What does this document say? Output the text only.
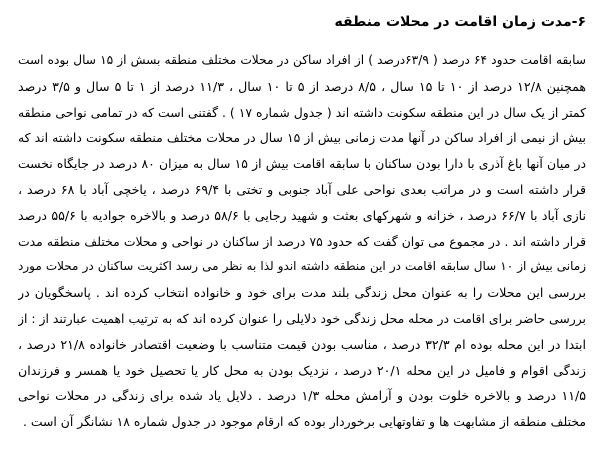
۶-مدت زمان اقامت در محلات منطقه
سابقه اقامت حدود ۶۴ درصد ( ۶۳/۹درصد ) از افراد ساکن در محلات مختلف منطقه بسش از ۱۵ سال بوده است
همچنین ۱۲/۸ درصد از ۱۰ تا ۱۵ سال ، ۸/۵ درصد از ۵ تا ۱۰ سال ، ۱۱/۳ درصد از ۱ تا ۵ سال و ۳/۵ درصد
کمتر از یک سال در این منطقه سکونت داشته اند ( جدول شماره ۱۷ ) . گفتنی است که در تمامی نواحی منطقه
بیش از نیمی از افراد ساکن در آنها مدت زمانی بیش از ۱۵ سال در محلات مختلف منطقه سکونت داشته اند که
در میان آنها باغ آذری با دارا بودن ساکنان با سابقه اقامت بیش از ۱۵ سال به میزان ۸۰ درصد در جایگاه نخست
قرار داشته است و در مراتب بعدی نواحی علی آباد جنوبی و تختی با ۶۹/۴ درصد ، یاخچی آباد با ۶۸ درصد ،
نازی آباد با ۶۶/۷ درصد ، خزانه و شهرکهای بعثت و شهید رجایی با ۵۸/۶ درصد و بالاخره جوادیه با ۵۵/۶ درصد
قرار داشته اند . در مجموع می توان گفت که حدود ۷۵ درصد از ساکنان در نواحی و محلات مختلف منطقه مدت
زمانی بیش از ۱۰ سال سابقه اقامت در این منطقه داشته اندو لذا به نظر می رسد اکثریت ساکنان در محلات مورد
بررسی این محلات را به عنوان محل زندگی بلند مدت برای خود و خانواده انتخاب کرده اند . پاسخگویان در
بررسی حاضر برای اقامت در محله محل زندگی خود دلایلی را عنوان کرده اند که به ترتیب اهمیت عبارتند از : از
ابتدا در این محله بوده ام ۳۲/۳ درصد ، مناسب بودن قیمت متناسب با وضعیت اقتصادر خانواده ۲۱/۸ درصد ،
زندگی اقوام و فامیل در این محله ۲۰/۱ درصد ، نزدیک بودن به محل کار یا تحصیل خود یا همسر و فرزندان
۱۱/۵ درصد و بالاخره خلوت بودن و آرامش محله ۱/۳ درصد . دلایل یاد شده برای زندگی در محلات نواحی
مختلف منطقه از مشابهت ها و تفاوتهایی برخوردار بوده که ارقام موجود در جدول شماره ۱۸ نشانگر آن است .
